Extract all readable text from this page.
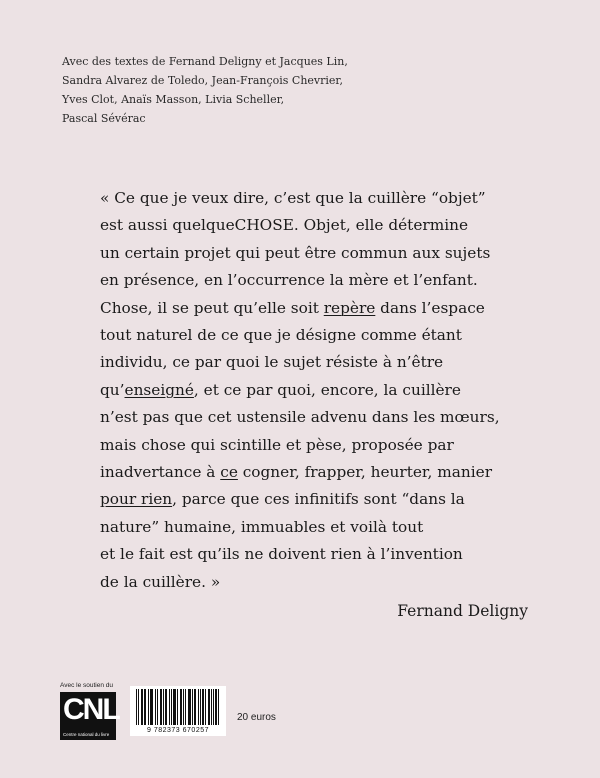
Avec des textes de Fernand Deligny et Jacques Lin,
Sandra Alvarez de Toledo, Jean-François Chevrier,
Yves Clot, Anaïs Masson, Livia Scheller,
Pascal Sévérac
« Ce que je veux dire, c’est que la cuillère “objet”
est aussi quelqueCHOSE. Objet, elle détermine
un certain projet qui peut être commun aux sujets
en présence, en l’occurrence la mère et l’enfant.
Chose, il se peut qu’elle soit repère dans l’espace
tout naturel de ce que je désigne comme étant
individu, ce par quoi le sujet résiste à n’être
qu’enseigné, et ce par quoi, encore, la cuillère
n’est pas que cet ustensile advenu dans les mœurs,
mais chose qui scintille et pèse, proposée par
inadvertance à ce cogner, frapper, heurter, manier
pour rien, parce que ces infinitifs sont “dans la
nature” humaine, immuables et voilà tout
et le fait est qu’ils ne doivent rien à l’invention
de la cuillère. »
Fernand Deligny
Avec le soutien du
CNL
Centre national du livre
9 782373 670257
20 euros
